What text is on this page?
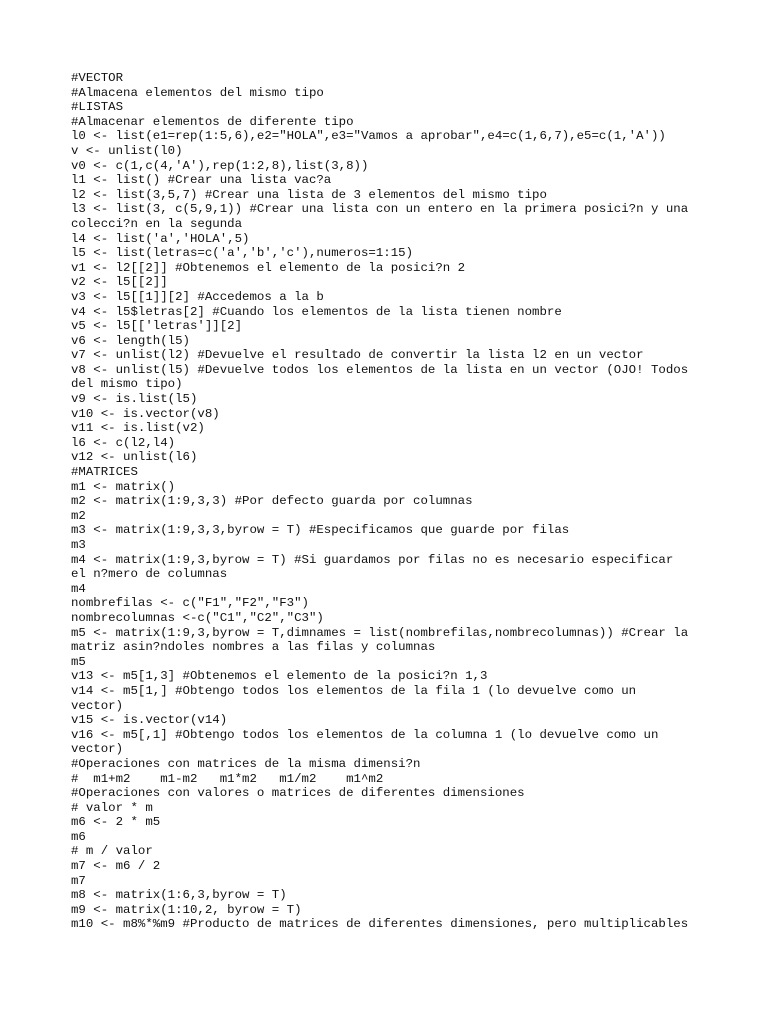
#VECTOR
#Almacena elementos del mismo tipo
#LISTAS
#Almacenar elementos de diferente tipo
l0 <- list(e1=rep(1:5,6),e2="HOLA",e3="Vamos a aprobar",e4=c(1,6,7),e5=c(1,'A'))
v <- unlist(l0)
v0 <- c(1,c(4,'A'),rep(1:2,8),list(3,8))
l1 <- list() #Crear una lista vac?a
l2 <- list(3,5,7) #Crear una lista de 3 elementos del mismo tipo
l3 <- list(3, c(5,9,1)) #Crear una lista con un entero en la primera posici?n y una
colecci?n en la segunda
l4 <- list('a','HOLA',5)
l5 <- list(letras=c('a','b','c'),numeros=1:15)
v1 <- l2[[2]] #Obtenemos el elemento de la posici?n 2
v2 <- l5[[2]]
v3 <- l5[[1]][2] #Accedemos a la b
v4 <- l5$letras[2] #Cuando los elementos de la lista tienen nombre
v5 <- l5[['letras']][2]
v6 <- length(l5)
v7 <- unlist(l2) #Devuelve el resultado de convertir la lista l2 en un vector
v8 <- unlist(l5) #Devuelve todos los elementos de la lista en un vector (OJO! Todos
del mismo tipo)
v9 <- is.list(l5)
v10 <- is.vector(v8)
v11 <- is.list(v2)
l6 <- c(l2,l4)
v12 <- unlist(l6)
#MATRICES
m1 <- matrix()
m2 <- matrix(1:9,3,3) #Por defecto guarda por columnas
m2
m3 <- matrix(1:9,3,3,byrow = T) #Especificamos que guarde por filas
m3
m4 <- matrix(1:9,3,byrow = T) #Si guardamos por filas no es necesario especificar
el n?mero de columnas
m4
nombrefilas <- c("F1","F2","F3")
nombrecolumnas <-c("C1","C2","C3")
m5 <- matrix(1:9,3,byrow = T,dimnames = list(nombrefilas,nombrecolumnas)) #Crear la
matriz asin?ndoles nombres a las filas y columnas
m5
v13 <- m5[1,3] #Obtenemos el elemento de la posici?n 1,3
v14 <- m5[1,] #Obtengo todos los elementos de la fila 1 (lo devuelve como un
vector)
v15 <- is.vector(v14)
v16 <- m5[,1] #Obtengo todos los elementos de la columna 1 (lo devuelve como un
vector)
#Operaciones con matrices de la misma dimensi?n
#  m1+m2    m1-m2   m1*m2   m1/m2    m1^m2
#Operaciones con valores o matrices de diferentes dimensiones
# valor * m
m6 <- 2 * m5
m6
# m / valor
m7 <- m6 / 2
m7
m8 <- matrix(1:6,3,byrow = T)
m9 <- matrix(1:10,2, byrow = T)
m10 <- m8%*%m9 #Producto de matrices de diferentes dimensiones, pero multiplicables
